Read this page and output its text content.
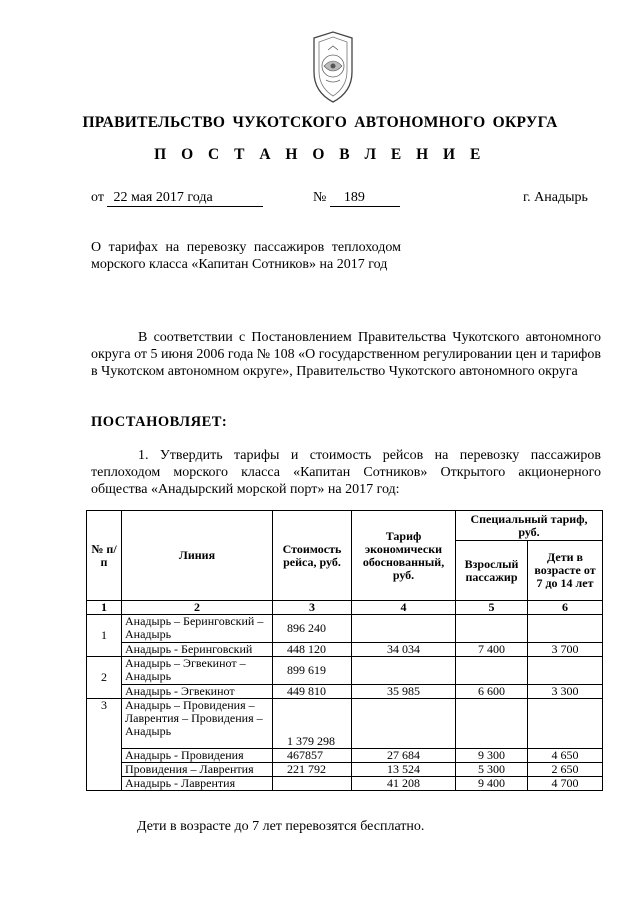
ПРАВИТЕЛЬСТВО ЧУКОТСКОГО АВТОНОМНОГО ОКРУГА
П О С Т А Н О В Л Е Н И Е
от 22 мая 2017 года	№ 189	г. Анадырь
О тарифах на перевозку пассажиров теплоходом морского класса «Капитан Сотников» на 2017 год
В соответствии с Постановлением Правительства Чукотского автономного округа от 5 июня 2006 года № 108 «О государственном регулировании цен и тарифов в Чукотском автономном округе», Правительство Чукотского автономного округа
ПОСТАНОВЛЯЕТ:
1. Утвердить тарифы и стоимость рейсов на перевозку пассажиров теплоходом морского класса «Капитан Сотников» Открытого акционерного общества «Анадырский морской порт» на 2017 год:
№ п/п	Линия	Стоимость рейса, руб.	Тариф экономически обоснованный, руб.	Специальный тариф, руб.	
				Взрослый пассажир	Дети в возрасте от 7 до 14 лет
1	2	3	4	5	6
1	Анадырь – Беринговский – Анадырь	896 240			
	Анадырь - Беринговский	448 120	34 034	7 400	3 700
2	Анадырь – Эгвекинот – Анадырь	899 619			
	Анадырь - Эгвекинот	449 810	35 985	6 600	3 300
3	Анадырь – Провидения – Лаврентия – Провидения – Анадырь	1 379 298			
	Анадырь - Провидения	467857	27 684	9 300	4 650
	Провидения – Лаврентия	221 792	13 524	5 300	2 650
	Анадырь - Лаврентия		41 208	9 400	4 700
Дети в возрасте до 7 лет перевозятся бесплатно.
